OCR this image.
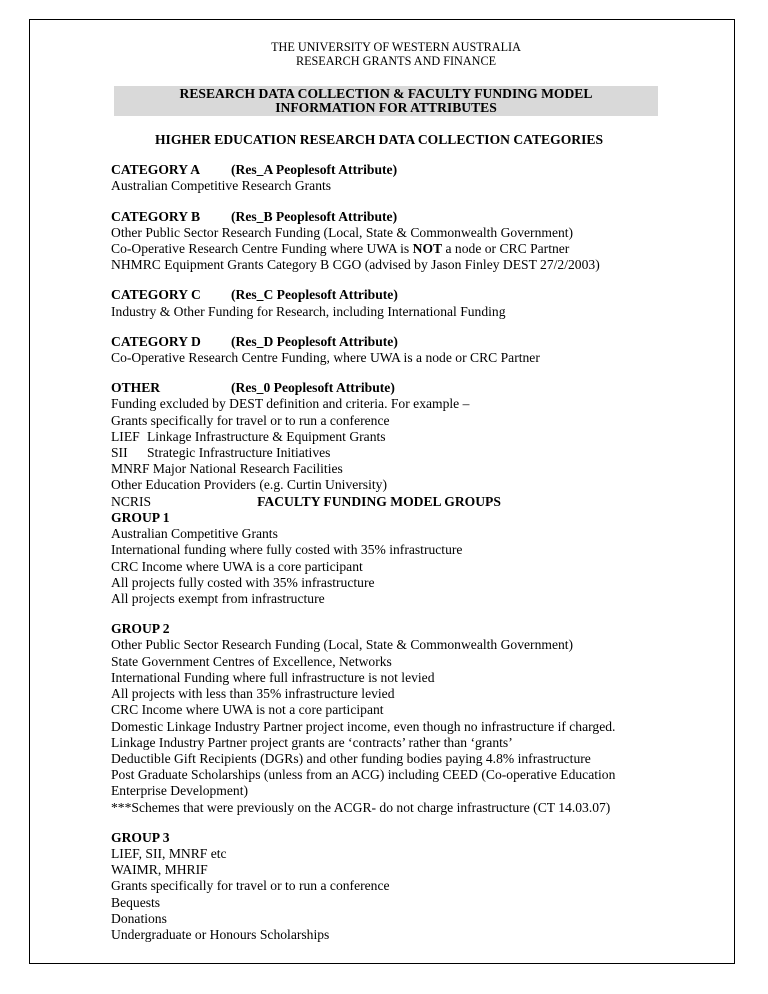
THE UNIVERSITY OF WESTERN AUSTRALIA
RESEARCH GRANTS AND FINANCE
RESEARCH DATA COLLECTION & FACULTY FUNDING MODEL
INFORMATION FOR ATTRIBUTES
HIGHER EDUCATION RESEARCH DATA COLLECTION CATEGORIES
CATEGORY A (Res_A Peoplesoft Attribute)
Australian Competitive Research Grants
CATEGORY B (Res_B Peoplesoft Attribute)
Other Public Sector Research Funding (Local, State & Commonwealth Government)
Co-Operative Research Centre Funding where UWA is NOT a node or CRC Partner
NHMRC Equipment Grants Category B CGO (advised by Jason Finley DEST 27/2/2003)
CATEGORY C (Res_C Peoplesoft Attribute)
Industry & Other Funding for Research, including International Funding
CATEGORY D (Res_D Peoplesoft Attribute)
Co-Operative Research Centre Funding, where UWA is a node or CRC Partner
OTHER	(Res_0 Peoplesoft Attribute)
Funding excluded by DEST definition and criteria. For example –
Grants specifically for travel or to run a conference
LIEF Linkage Infrastructure & Equipment Grants
SII Strategic Infrastructure Initiatives
MNRF Major National Research Facilities
Other Education Providers (e.g. Curtin University)
NCRIS	FACULTY FUNDING MODEL GROUPS
GROUP 1
Australian Competitive Grants
International funding where fully costed with 35% infrastructure
CRC Income where UWA is a core participant
All projects fully costed with 35% infrastructure
All projects exempt from infrastructure
GROUP 2
Other Public Sector Research Funding (Local, State & Commonwealth Government)
State Government Centres of Excellence, Networks
International Funding where full infrastructure is not levied
All projects with less than 35% infrastructure levied
CRC Income where UWA is not a core participant
Domestic Linkage Industry Partner project income, even though no infrastructure if charged.
Linkage Industry Partner project grants are ‘contracts’ rather than ‘grants’
Deductible Gift Recipients (DGRs) and other funding bodies paying 4.8% infrastructure
Post Graduate Scholarships (unless from an ACG) including CEED (Co-operative Education
Enterprise Development)
***Schemes that were previously on the ACGR- do not charge infrastructure (CT 14.03.07)
GROUP 3
LIEF, SII, MNRF etc
WAIMR, MHRIF
Grants specifically for travel or to run a conference
Bequests
Donations
Undergraduate or Honours Scholarships
